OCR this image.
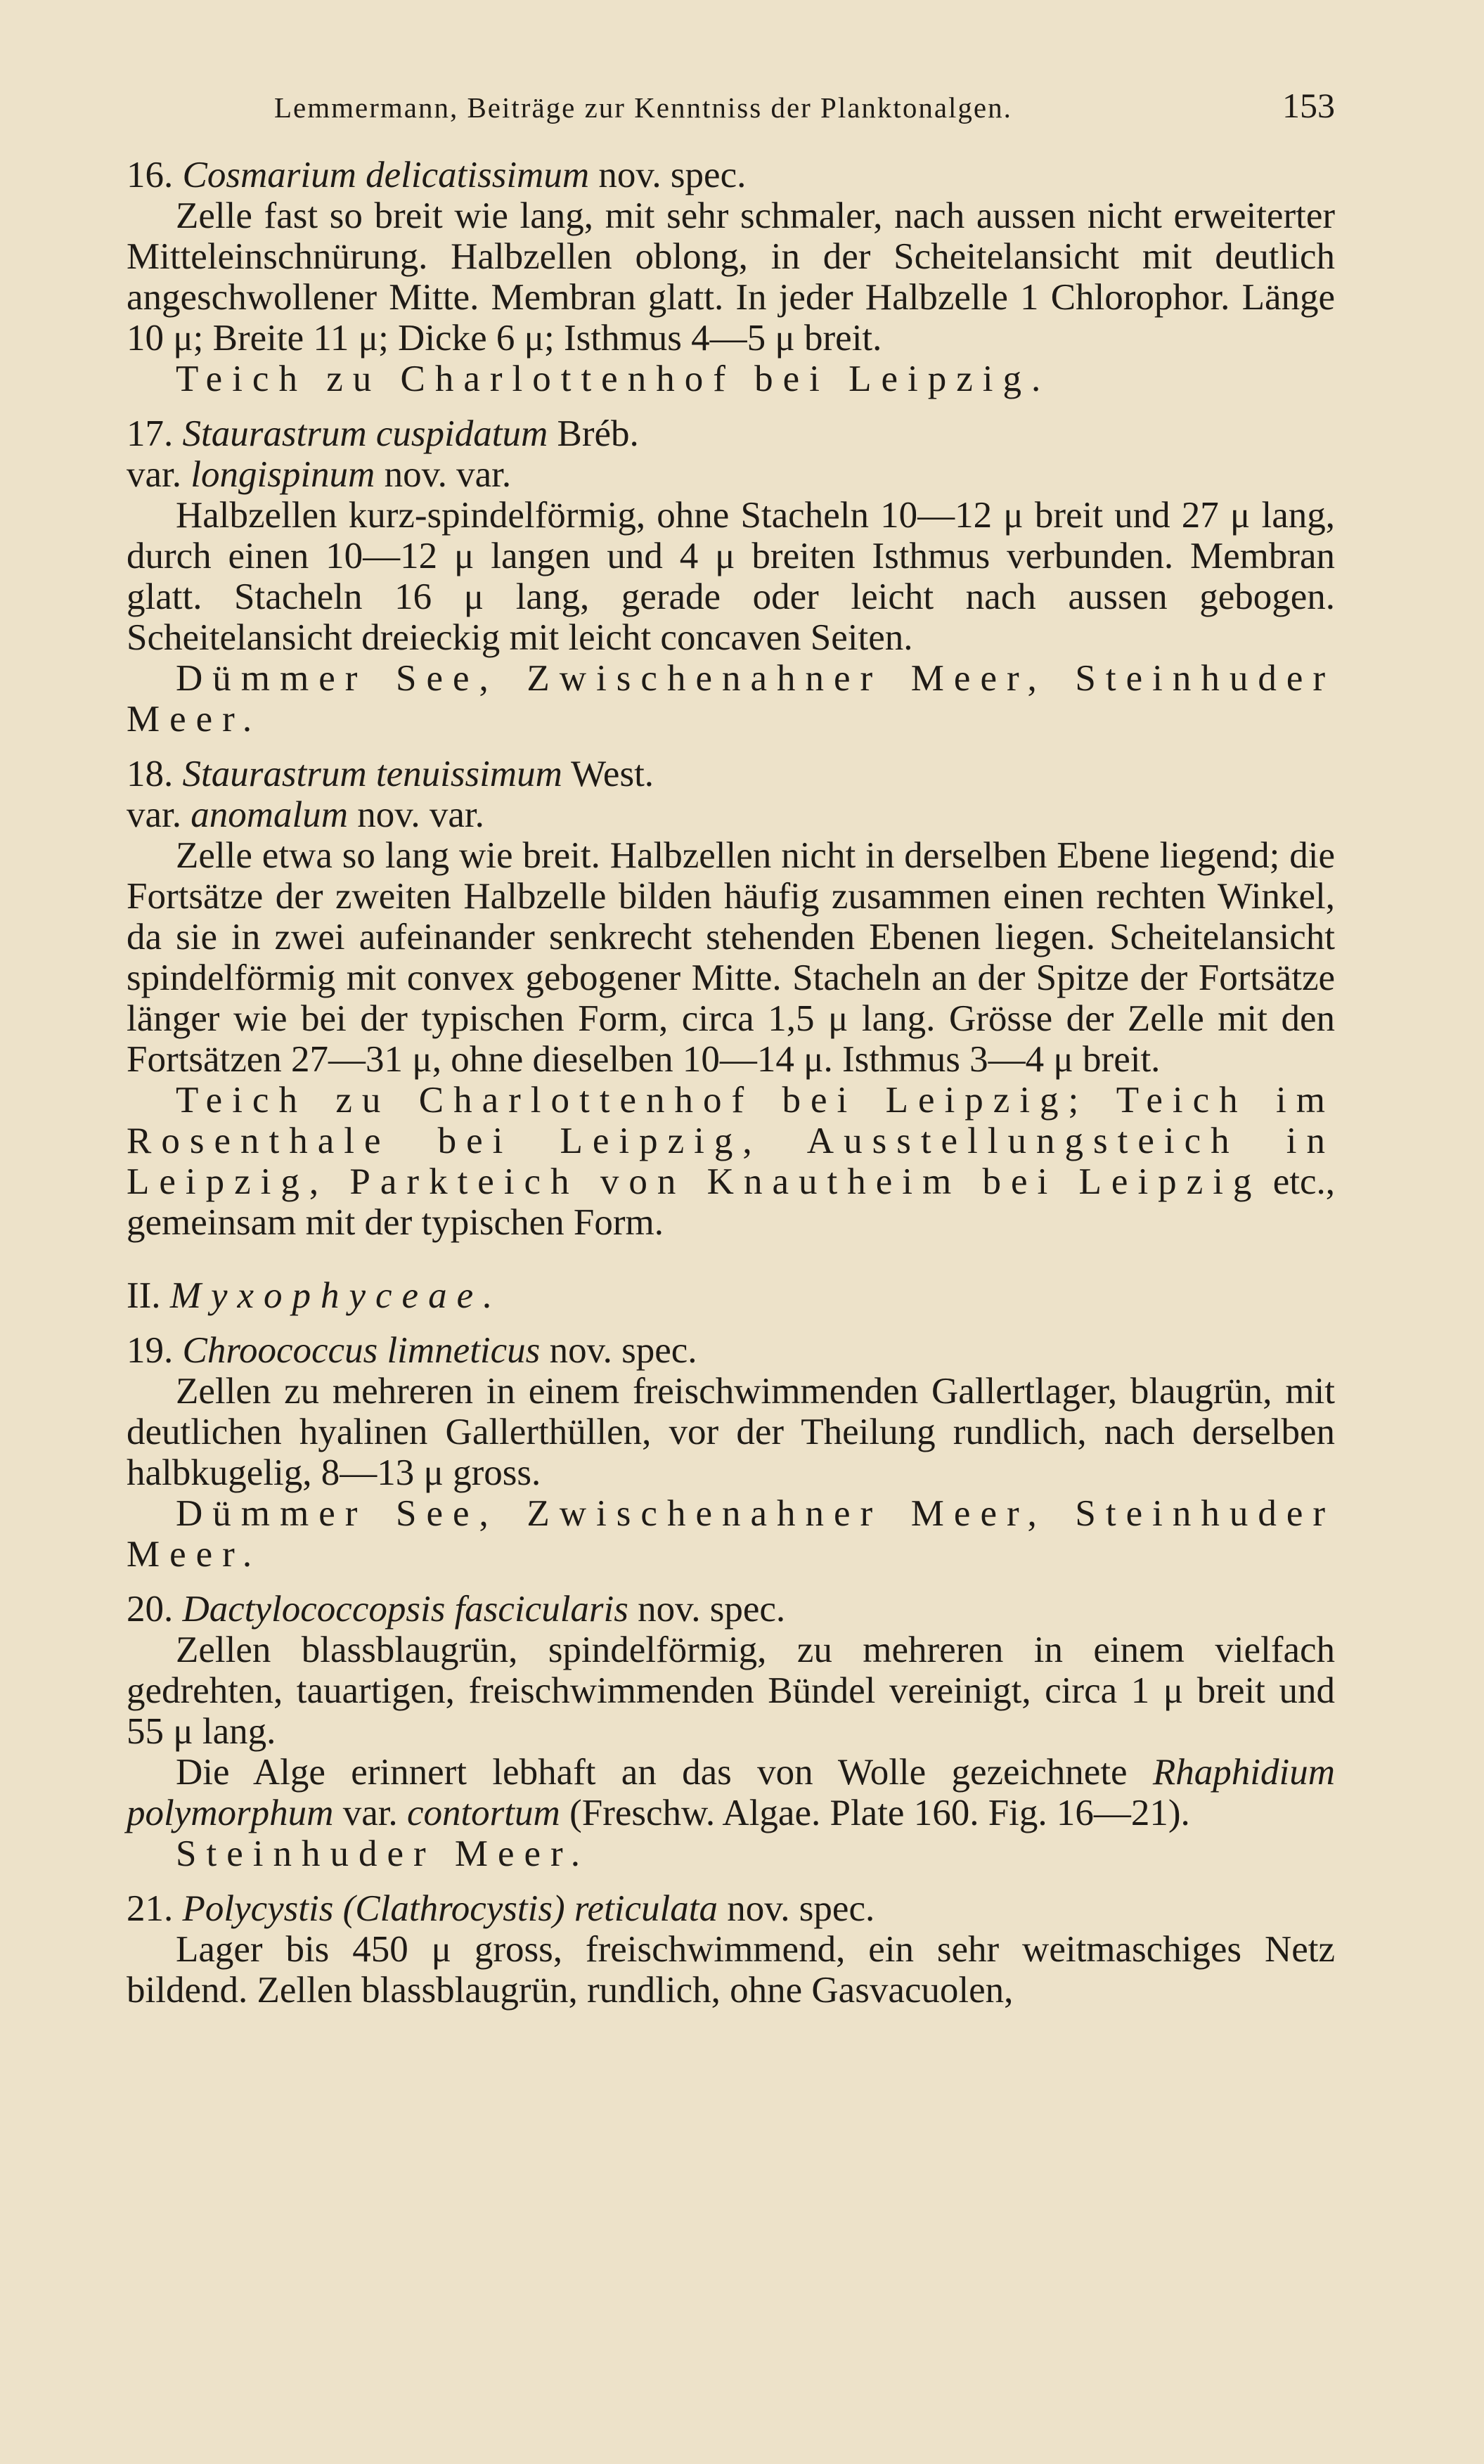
Lemmermann, Beiträge zur Kenntniss der Planktonalgen.	153

16. Cosmarium delicatissimum nov. spec.

Zelle fast so breit wie lang, mit sehr schmaler, nach aussen nicht erweiterter Mitteleinschnürung. Halbzellen oblong, in der Scheitelansicht mit deutlich angeschwollener Mitte. Membran glatt. In jeder Halbzelle 1 Chlorophor. Länge 10 μ; Breite 11 μ; Dicke 6 μ; Isthmus 4—5 μ breit.

Teich zu Charlottenhof bei Leipzig.

17. Staurastrum cuspidatum Bréb.

var. longispinum nov. var.

Halbzellen kurz-spindelförmig, ohne Stacheln 10—12 μ breit und 27 μ lang, durch einen 10—12 μ langen und 4 μ breiten Isthmus verbunden. Membran glatt. Stacheln 16 μ lang, gerade oder leicht nach aussen gebogen. Scheitelansicht dreieckig mit leicht concaven Seiten.

Dümmer See, Zwischenahner Meer, Steinhuder Meer.

18. Staurastrum tenuissimum West.

var. anomalum nov. var.

Zelle etwa so lang wie breit. Halbzellen nicht in derselben Ebene liegend; die Fortsätze der zweiten Halbzelle bilden häufig zusammen einen rechten Winkel, da sie in zwei aufeinander senkrecht stehenden Ebenen liegen. Scheitelansicht spindelförmig mit convex gebogener Mitte. Stacheln an der Spitze der Fortsätze länger wie bei der typischen Form, circa 1,5 μ lang. Grösse der Zelle mit den Fortsätzen 27—31 μ, ohne dieselben 10—14 μ. Isthmus 3—4 μ breit.

Teich zu Charlottenhof bei Leipzig; Teich im Rosenthale bei Leipzig, Ausstellungsteich in Leipzig, Parkteich von Knautheim bei Leipzig etc., gemeinsam mit der typischen Form.

II. Myxophyceae.

19. Chroococcus limneticus nov. spec.

Zellen zu mehreren in einem freischwimmenden Gallertlager, blaugrün, mit deutlichen hyalinen Gallerthüllen, vor der Theilung rundlich, nach derselben halbkugelig, 8—13 μ gross.

Dümmer See, Zwischenahner Meer, Steinhuder Meer.

20. Dactylococcopsis fascicularis nov. spec.

Zellen blassblaugrün, spindelförmig, zu mehreren in einem vielfach gedrehten, tauartigen, freischwimmenden Bündel vereinigt, circa 1 μ breit und 55 μ lang.

Die Alge erinnert lebhaft an das von Wolle gezeichnete Rhaphidium polymorphum var. contortum (Freschw. Algae. Plate 160. Fig. 16—21).

Steinhuder Meer.

21. Polycystis (Clathrocystis) reticulata nov. spec.

Lager bis 450 μ gross, freischwimmend, ein sehr weitmaschiges Netz bildend. Zellen blassblaugrün, rundlich, ohne Gasvacuolen,
